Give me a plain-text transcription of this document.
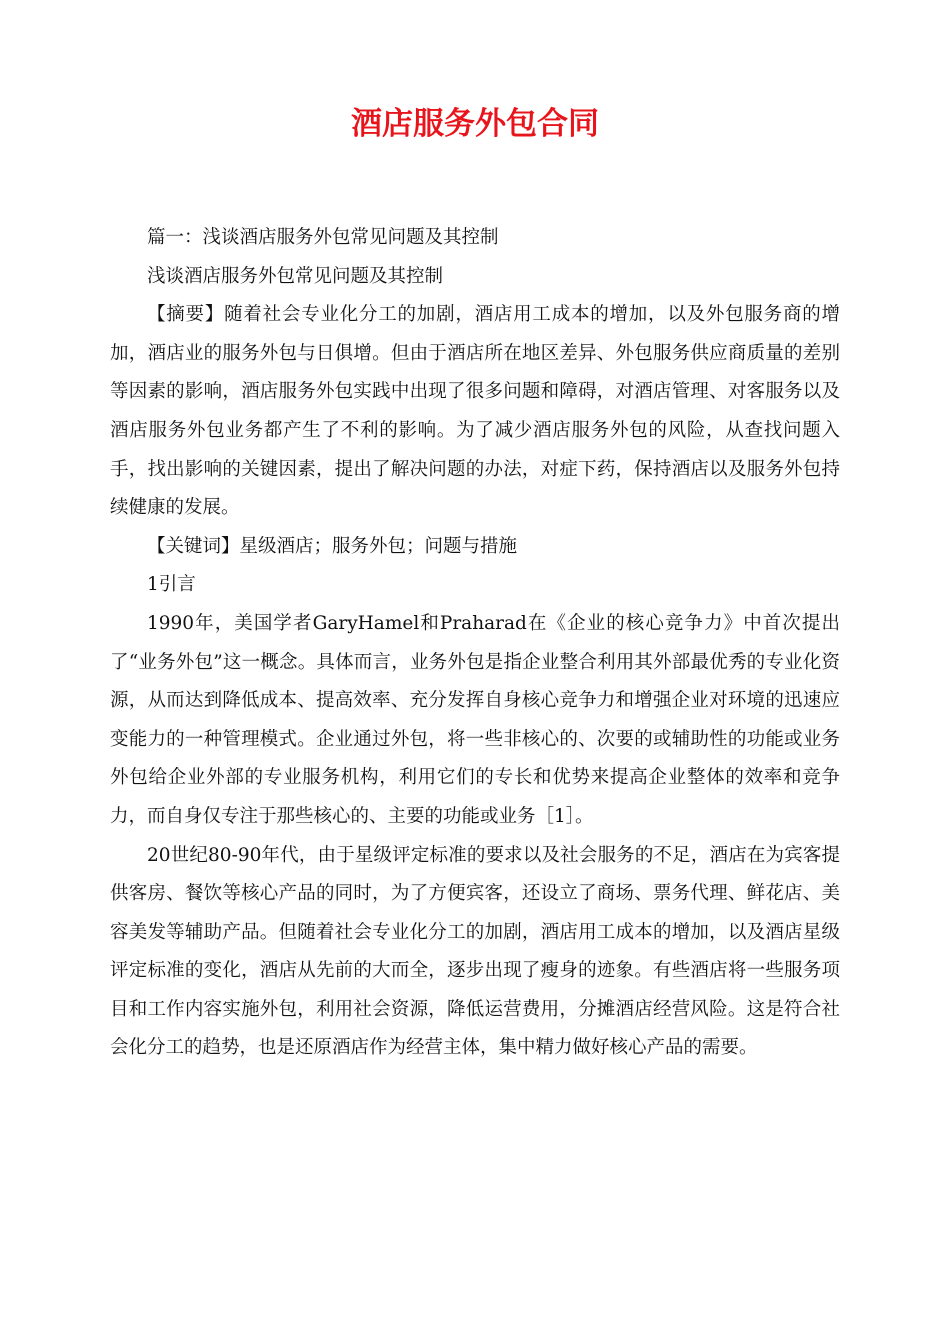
酒店服务外包合同

篇一：浅谈酒店服务外包常见问题及其控制

浅谈酒店服务外包常见问题及其控制

【摘要】随着社会专业化分工的加剧，酒店用工成本的增加，以及外包服务商的增加，酒店业的服务外包与日俱增。但由于酒店所在地区差异、外包服务供应商质量的差别等因素的影响，酒店服务外包实践中出现了很多问题和障碍，对酒店管理、对客服务以及酒店服务外包业务都产生了不利的影响。为了减少酒店服务外包的风险，从查找问题入手，找出影响的关键因素，提出了解决问题的办法，对症下药，保持酒店以及服务外包持续健康的发展。

【关键词】星级酒店；服务外包；问题与措施

1引言

1990年，美国学者GaryHamel和Praharad在《企业的核心竞争力》中首次提出了“业务外包”这一概念。具体而言，业务外包是指企业整合利用其外部最优秀的专业化资源，从而达到降低成本、提高效率、充分发挥自身核心竞争力和增强企业对环境的迅速应变能力的一种管理模式。企业通过外包，将一些非核心的、次要的或辅助性的功能或业务外包给企业外部的专业服务机构，利用它们的专长和优势来提高企业整体的效率和竞争力，而自身仅专注于那些核心的、主要的功能或业务［1］。

20世纪80-90年代，由于星级评定标准的要求以及社会服务的不足，酒店在为宾客提供客房、餐饮等核心产品的同时，为了方便宾客，还设立了商场、票务代理、鲜花店、美容美发等辅助产品。但随着社会专业化分工的加剧，酒店用工成本的增加，以及酒店星级评定标准的变化，酒店从先前的大而全，逐步出现了瘦身的迹象。有些酒店将一些服务项目和工作内容实施外包，利用社会资源，降低运营费用，分摊酒店经营风险。这是符合社会化分工的趋势，也是还原酒店作为经营主体，集中精力做好核心产品的需要。
